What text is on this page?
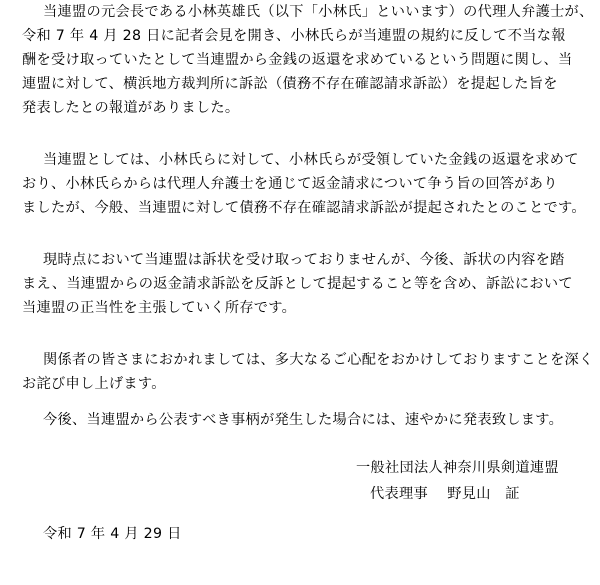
当連盟の元会長である小林英雄氏（以下「小林氏」といいます）の代理人弁護士が、
令和 7 年 4 月 28 日に記者会見を開き、小林氏らが当連盟の規約に反して不当な報
酬を受け取っていたとして当連盟から金銭の返還を求めているという問題に関し、当
連盟に対して、横浜地方裁判所に訴訟（債務不存在確認請求訴訟）を提起した旨を
発表したとの報道がありました。
当連盟としては、小林氏らに対して、小林氏らが受領していた金銭の返還を求めて
おり、小林氏らからは代理人弁護士を通じて返金請求について争う旨の回答があり
ましたが、今般、当連盟に対して債務不存在確認請求訴訟が提起されたとのことです。
現時点において当連盟は訴状を受け取っておりませんが、今後、訴状の内容を踏
まえ、当連盟からの返金請求訴訟を反訴として提起すること等を含め、訴訟において
当連盟の正当性を主張していく所存です。
関係者の皆さまにおかれましては、多大なるご心配をおかけしておりますことを深く
お詫び申し上げます。
今後、当連盟から公表すべき事柄が発生した場合には、速やかに発表致します。
一般社団法人神奈川県剣道連盟
代表理事　 野見山　証
令和 7 年 4 月 29 日
